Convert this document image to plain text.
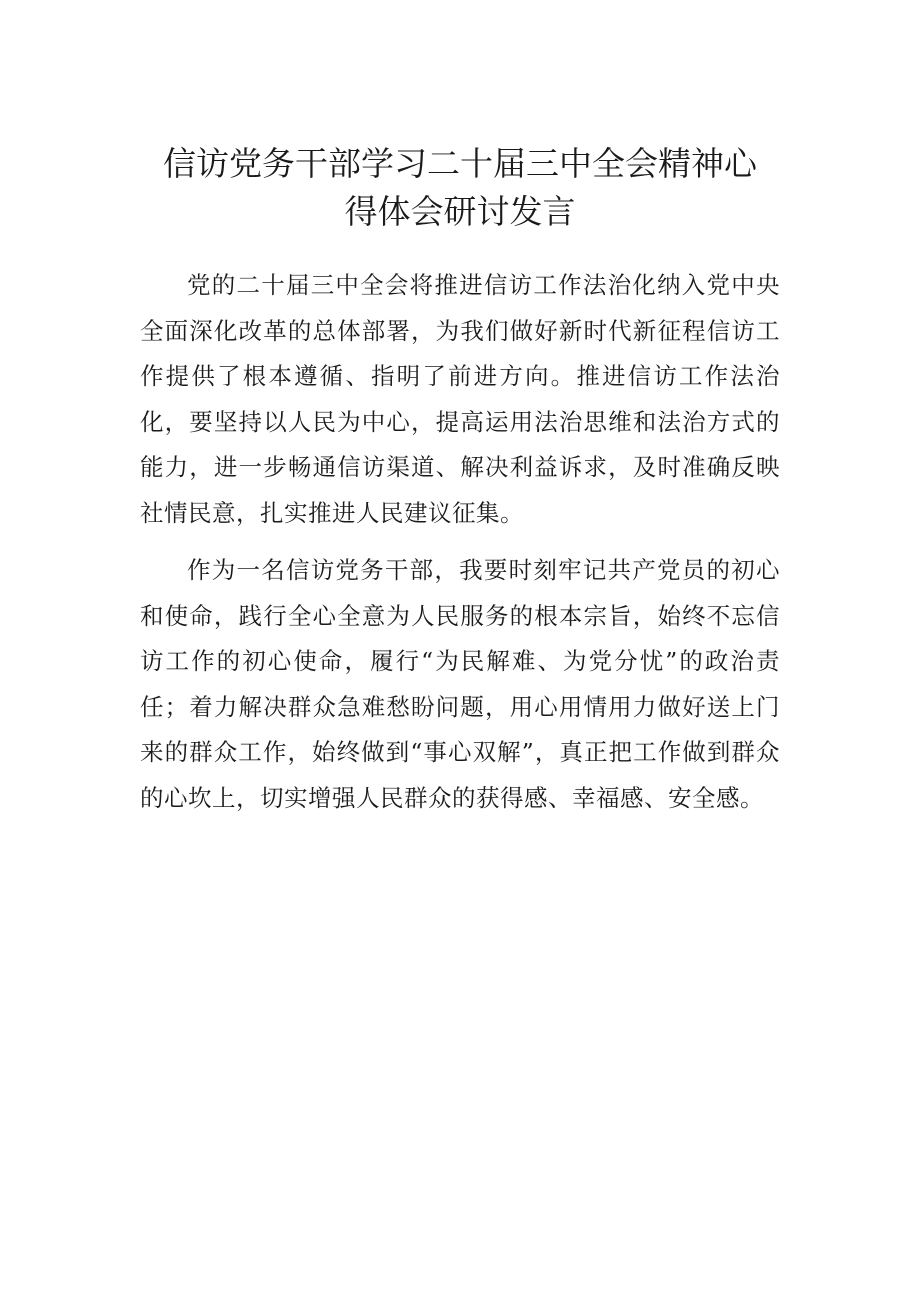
信访党务干部学习二十届三中全会精神心
得体会研讨发言

党的二十届三中全会将推进信访工作法治化纳入党中央全面深化改革的总体部署，为我们做好新时代新征程信访工作提供了根本遵循、指明了前进方向。推进信访工作法治化，要坚持以人民为中心，提高运用法治思维和法治方式的能力，进一步畅通信访渠道、解决利益诉求，及时准确反映社情民意，扎实推进人民建议征集。

作为一名信访党务干部，我要时刻牢记共产党员的初心和使命，践行全心全意为人民服务的根本宗旨，始终不忘信访工作的初心使命，履行“为民解难、为党分忧”的政治责任；着力解决群众急难愁盼问题，用心用情用力做好送上门来的群众工作，始终做到“事心双解”，真正把工作做到群众的心坎上，切实增强人民群众的获得感、幸福感、安全感。
